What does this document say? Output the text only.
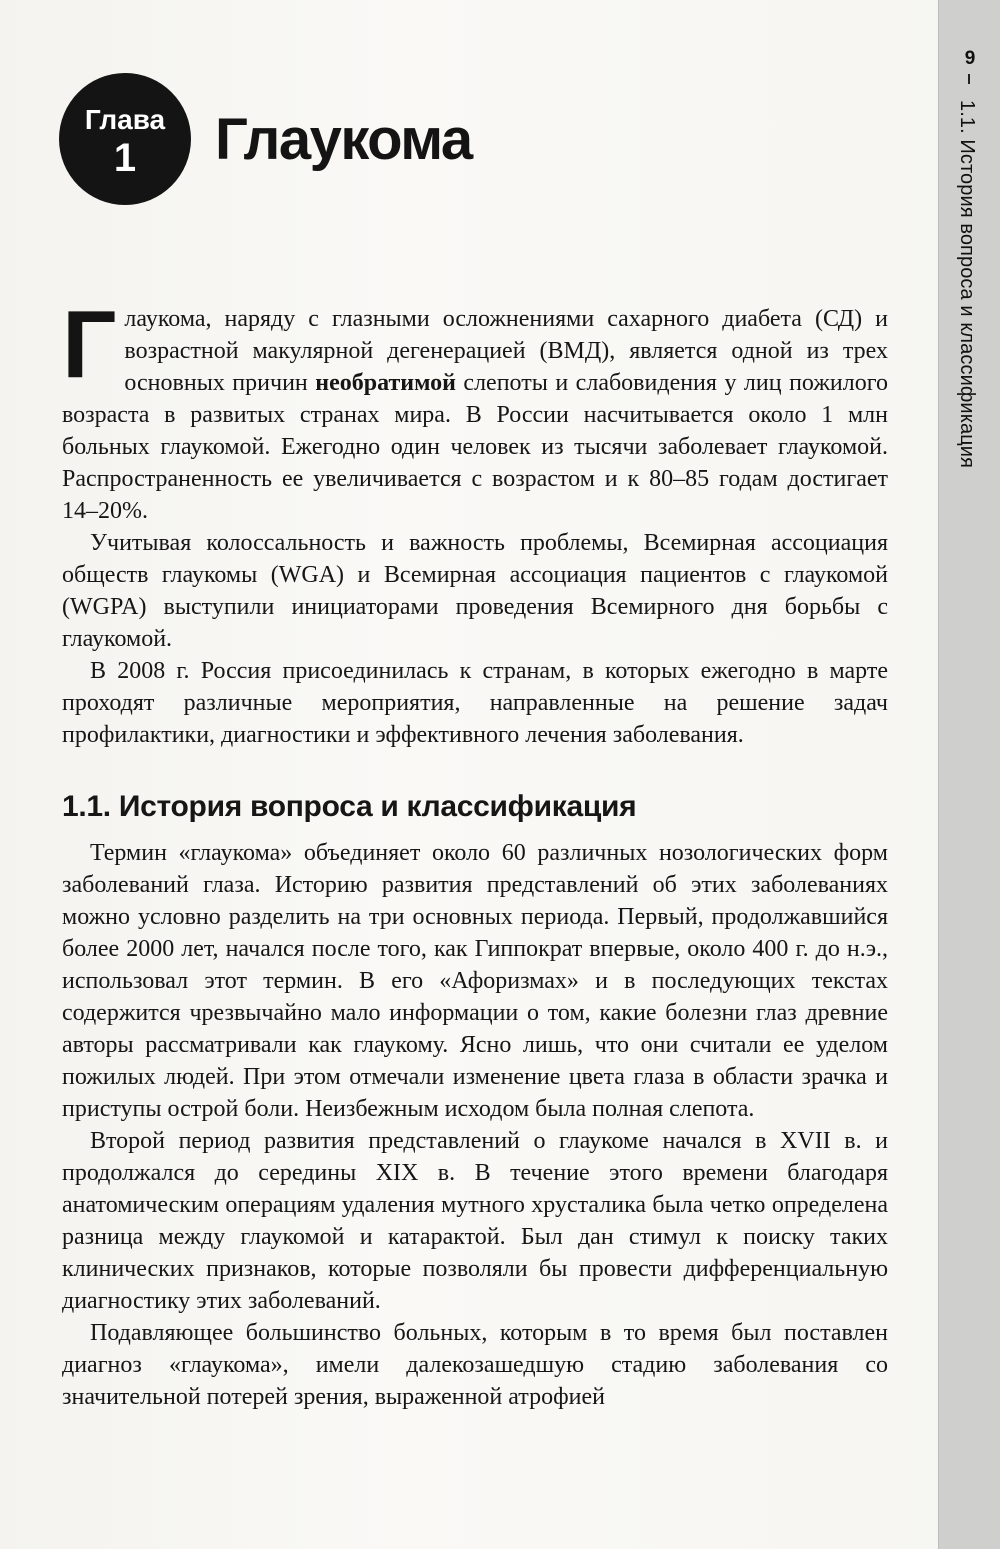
9
1.1. История вопроса и классификация
Глава
1 Глаукома

Глаукома, наряду с глазными осложнениями сахарного диабета (СД) и возрастной макулярной дегенерацией (ВМД), является одной из трех основных причин необратимой слепоты и слабовидения у лиц пожилого возраста в развитых странах мира. В России насчитывается около 1 млн больных глаукомой. Ежегодно один человек из тысячи заболевает глаукомой. Распространенность ее увеличивается с возрастом и к 80–85 годам достигает 14–20%.

Учитывая колоссальность и важность проблемы, Всемирная ассоциация обществ глаукомы (WGA) и Всемирная ассоциация пациентов с глаукомой (WGPA) выступили инициаторами проведения Всемирного дня борьбы с глаукомой.

В 2008 г. Россия присоединилась к странам, в которых ежегодно в марте проходят различные мероприятия, направленные на решение задач профилактики, диагностики и эффективного лечения заболевания.

1.1. История вопроса и классификация

Термин «глаукома» объединяет около 60 различных нозологических форм заболеваний глаза. Историю развития представлений об этих заболеваниях можно условно разделить на три основных периода. Первый, продолжавшийся более 2000 лет, начался после того, как Гиппократ впервые, около 400 г. до н.э., использовал этот термин. В его «Афоризмах» и в последующих текстах содержится чрезвычайно мало информации о том, какие болезни глаз древние авторы рассматривали как глаукому. Ясно лишь, что они считали ее уделом пожилых людей. При этом отмечали изменение цвета глаза в области зрачка и приступы острой боли. Неизбежным исходом была полная слепота.

Второй период развития представлений о глаукоме начался в XVII в. и продолжался до середины XIX в. В течение этого времени благодаря анатомическим операциям удаления мутного хрусталика была четко определена разница между глаукомой и катарактой. Был дан стимул к поиску таких клинических признаков, которые позволяли бы провести дифференциальную диагностику этих заболеваний.

Подавляющее большинство больных, которым в то время был поставлен диагноз «глаукома», имели далекозашедшую стадию заболевания со значительной потерей зрения, выраженной атрофией
